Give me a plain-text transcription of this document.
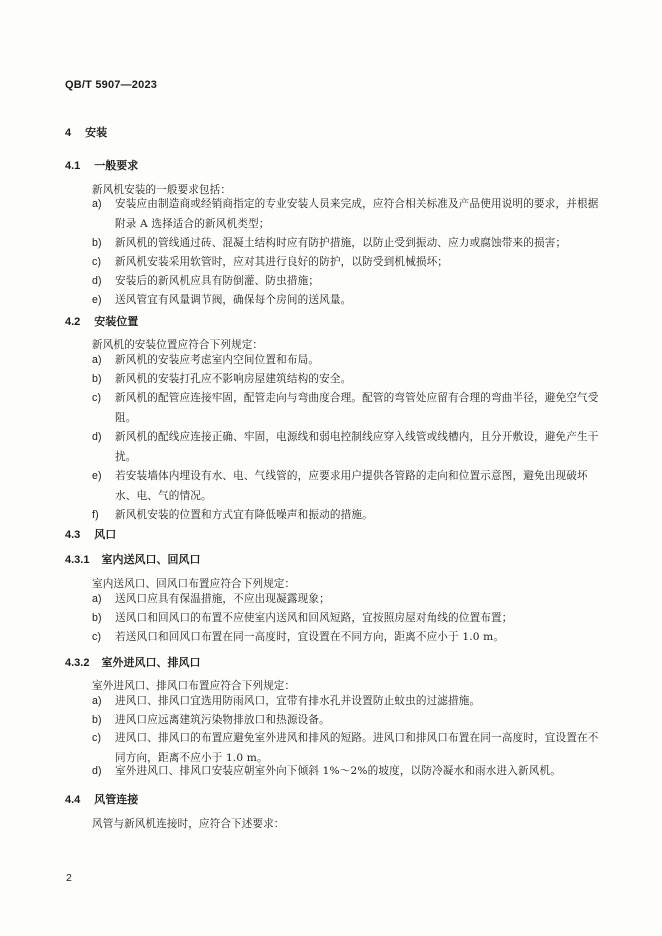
QB/T 5907—2023

4 安装

4.1 一般要求

新风机安装的一般要求包括：

a)	安装应由制造商或经销商指定的专业安装人员来完成，应符合相关标准及产品使用说明的要求，并根据附录 A 选择适合的新风机类型；
b)	新风机的管线通过砖、混凝土结构时应有防护措施，以防止受到振动、应力或腐蚀带来的损害；
c)	新风机安装采用软管时，应对其进行良好的防护，以防受到机械损坏；
d)	安装后的新风机应具有防倒灌、防虫措施；
e)	送风管宜有风量调节阀，确保每个房间的送风量。

4.2 安装位置

新风机的安装位置应符合下列规定：

a)	新风机的安装应考虑室内空间位置和布局。
b)	新风机的安装打孔应不影响房屋建筑结构的安全。
c)	新风机的配管应连接牢固，配管走向与弯曲度合理。配管的弯管处应留有合理的弯曲半径，避免空气受阻。
d)	新风机的配线应连接正确、牢固，电源线和弱电控制线应穿入线管或线槽内，且分开敷设，避免产生干扰。
e)	若安装墙体内埋设有水、电、气线管的，应要求用户提供各管路的走向和位置示意图，避免出现破坏水、电、气的情况。
f)	新风机安装的位置和方式宜有降低噪声和振动的措施。

4.3 风口

4.3.1 室内送风口、回风口

室内送风口、回风口布置应符合下列规定：

a)	送风口应具有保温措施，不应出现凝露现象；
b)	送风口和回风口的布置不应使室内送风和回风短路，宜按照房屋对角线的位置布置；
c)	若送风口和回风口布置在同一高度时，宜设置在不同方向，距离不应小于 1.0 m。

4.3.2 室外进风口、排风口

室外进风口、排风口布置应符合下列规定：

a)	进风口、排风口宜选用防雨风口，宜带有排水孔并设置防止蚊虫的过滤措施。
b)	进风口应远离建筑污染物排放口和热源设备。
c)	进风口、排风口的布置应避免室外进风和排风的短路。进风口和排风口布置在同一高度时，宜设置在不同方向，距离不应小于 1.0 m。
d)	室外进风口、排风口安装应朝室外向下倾斜 1%～2%的坡度，以防冷凝水和雨水进入新风机。

4.4 风管连接

风管与新风机连接时，应符合下述要求：

2
